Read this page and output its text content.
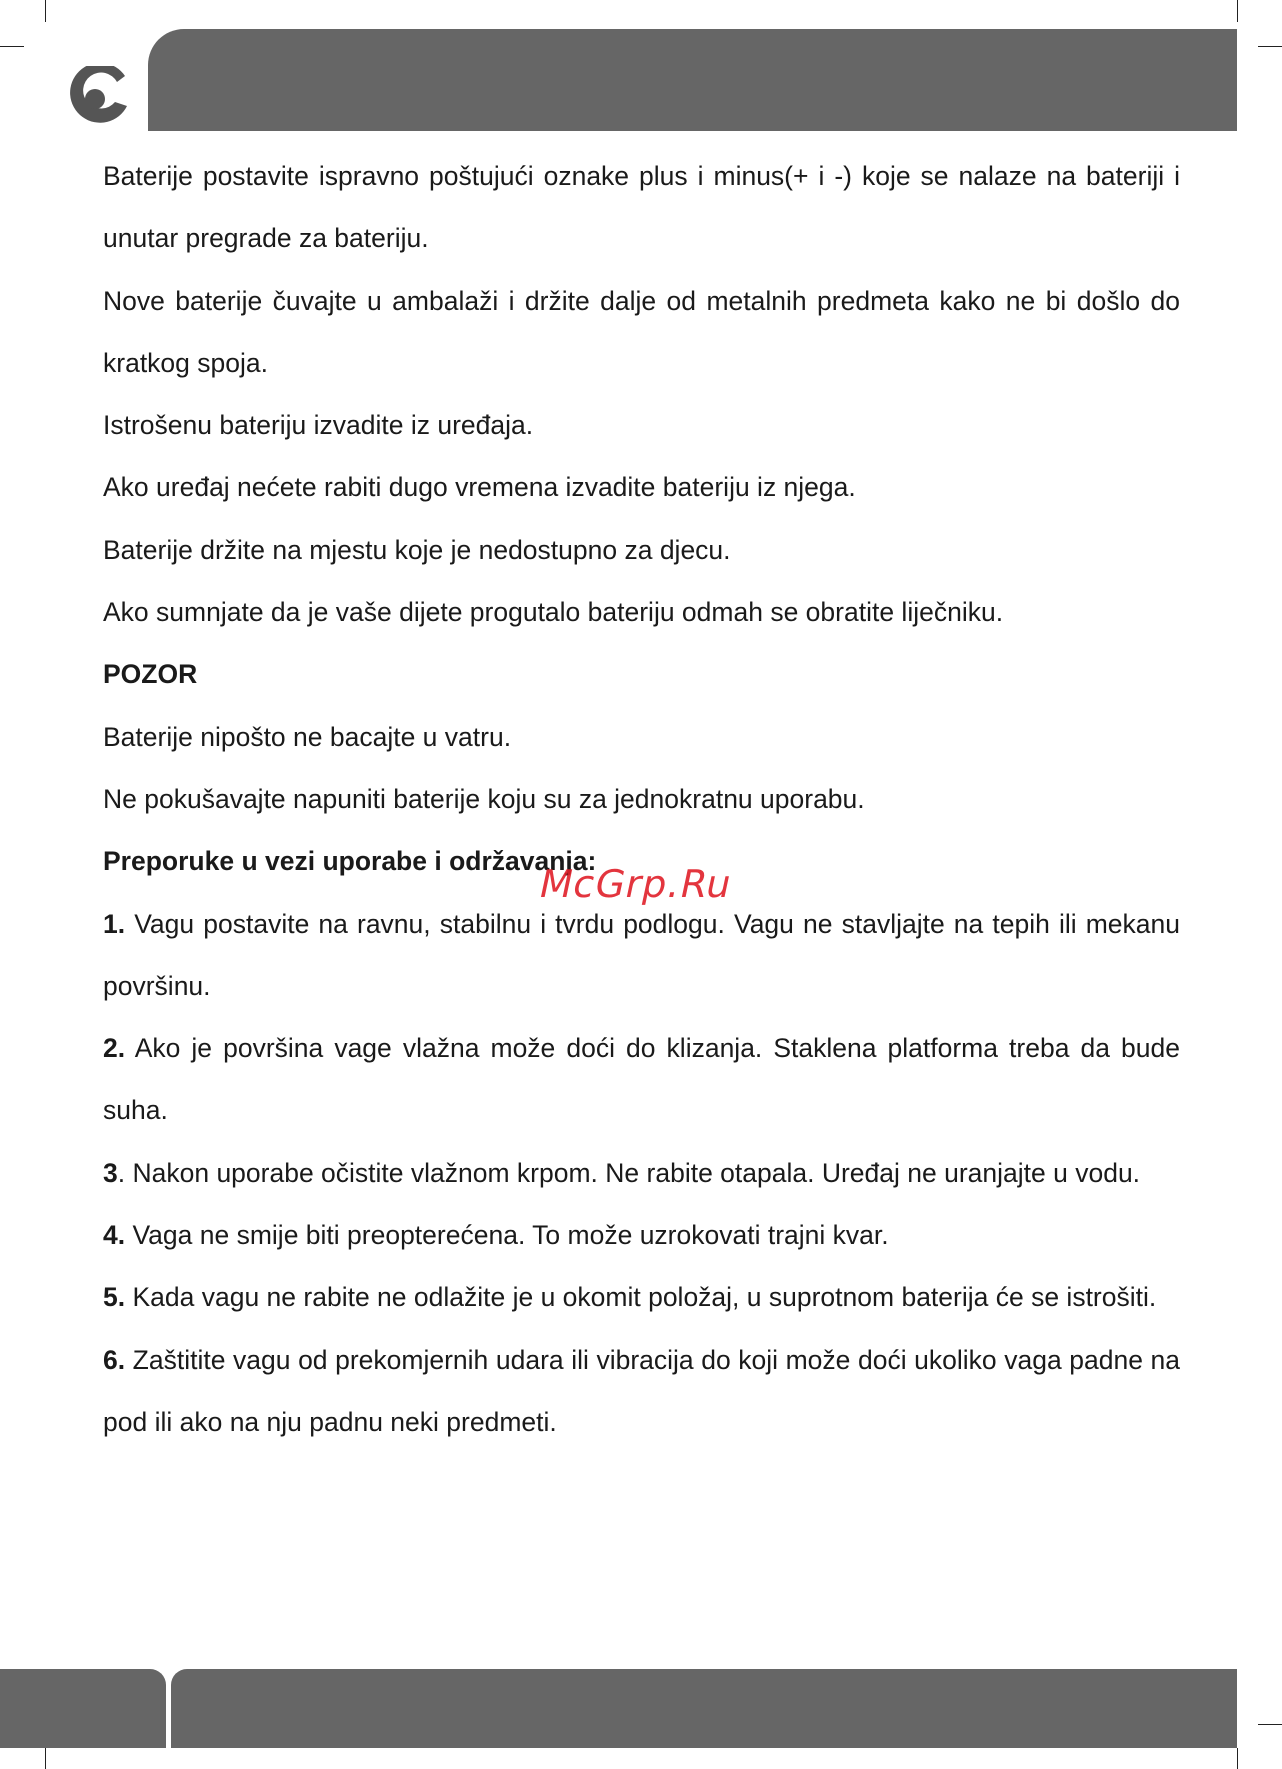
Baterije postavite ispravno poštujući oznake plus i minus(+ i -) koje se nalaze na bateriji i unutar pregrade za bateriju.

Nove baterije čuvajte u ambalaži i držite dalje od metalnih predmeta kako ne bi došlo do kratkog spoja.

Istrošenu bateriju izvadite iz uređaja.

Ako uređaj nećete rabiti dugo vremena izvadite bateriju iz njega.

Baterije držite na mjestu koje je nedostupno za djecu.

Ako sumnjate da je vaše dijete progutalo bateriju odmah se obratite liječniku.

POZOR

Baterije nipošto ne bacajte u vatru.

Ne pokušavajte napuniti baterije koju su za jednokratnu uporabu.

Preporuke u vezi uporabe i održavanja:

1. Vagu postavite na ravnu, stabilnu i tvrdu podlogu. Vagu ne stavljajte na tepih ili mekanu površinu.

2. Ako je površina vage vlažna može doći do klizanja. Staklena platforma treba da bude suha.

3. Nakon uporabe očistite vlažnom krpom. Ne rabite otapala. Uređaj ne uranjajte u vodu.

4. Vaga ne smije biti preopterećena. To može uzrokovati trajni kvar.

5. Kada vagu ne rabite ne odlažite je u okomit položaj, u suprotnom baterija će se istrošiti.

6. Zaštitite vagu od prekomjernih udara ili vibracija do koji može doći ukoliko vaga padne na pod ili ako na nju padnu neki predmeti.

McGrp.Ru
